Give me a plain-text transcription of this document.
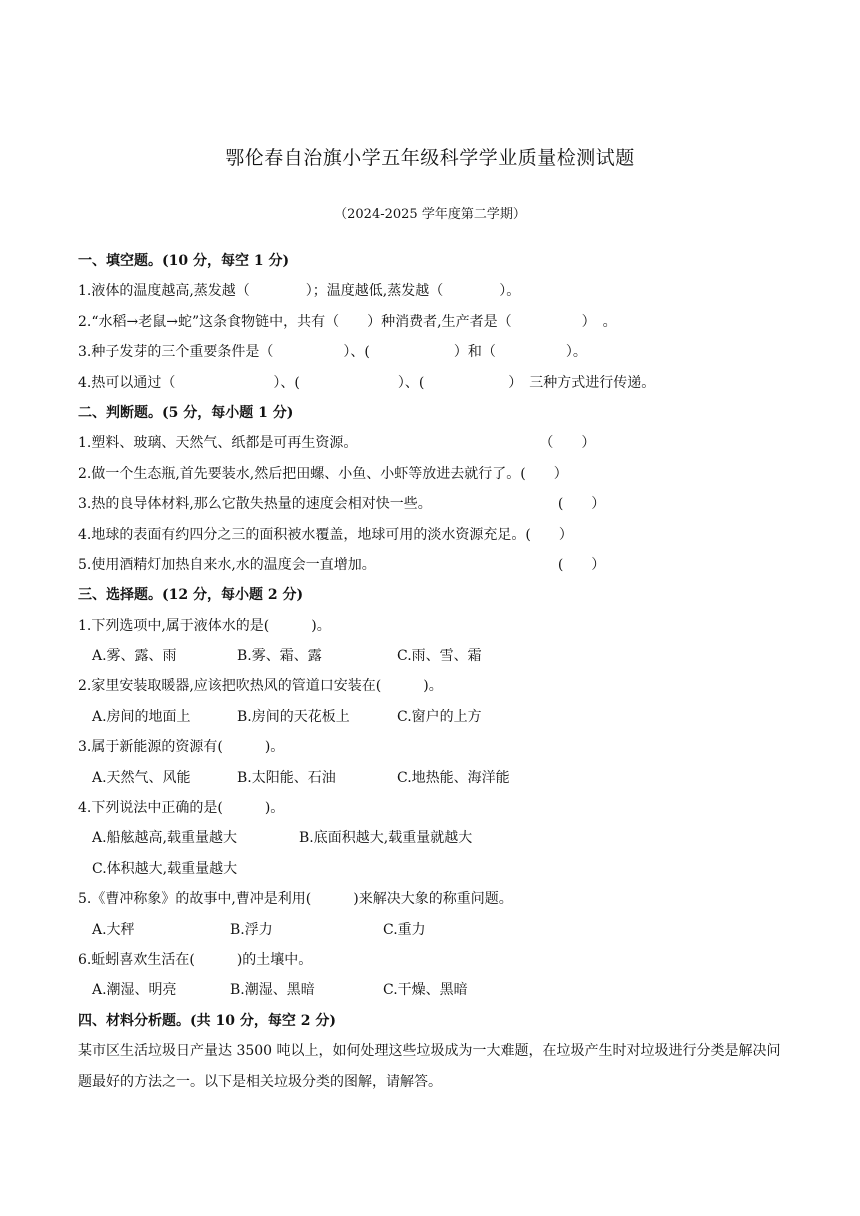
鄂伦春自治旗小学五年级科学学业质量检测试题
（2024-2025 学年度第二学期）
一、填空题。(10 分，每空 1 分)
1.液体的温度越高,蒸发越（　　　　）；温度越低,蒸发越（　　　　）。
2.“水稻→老鼠→蛇”这条食物链中，共有（　　）种消费者,生产者是（　　　　　）　。
3.种子发芽的三个重要条件是（　　　　　）、(　　　　　　）和（　　　　　）。
4.热可以通过（　　　　　　　）、(　　　　　　　）、(　　　　　　）　三种方式进行传递。
二、判断题。(5 分，每小题 1 分)
1.塑料、玻璃、天然气、纸都是可再生资源。	（　　）
2.做一个生态瓶,首先要装水,然后把田螺、小鱼、小虾等放进去就行了。(　　）
3.热的良导体材料,那么它散失热量的速度会相对快一些。	(　　）
4.地球的表面有约四分之三的面积被水覆盖，地球可用的淡水资源充足。(　　）
5.使用酒精灯加热自来水,水的温度会一直增加。	(　　）
三、选择题。(12 分，每小题 2 分)
1.下列选项中,属于液体水的是(　　　)。
A.雾、露、雨	B.雾、霜、露	C.雨、雪、霜
2.家里安装取暖器,应该把吹热风的管道口安装在(　　　)。
A.房间的地面上	B.房间的天花板上	C.窗户的上方
3.属于新能源的资源有(　　　)。
A.天然气、风能	B.太阳能、石油	C.地热能、海洋能
4.下列说法中正确的是(　　　)。
A.船舷越高,载重量越大	B.底面积越大,载重量就越大
C.体积越大,载重量越大
5.《曹冲称象》的故事中,曹冲是利用(　　　)来解决大象的称重问题。
A.大秤	B.浮力	C.重力
6.蚯蚓喜欢生活在(　　　)的土壤中。
A.潮湿、明亮	B.潮湿、黑暗	C.干燥、黑暗
四、材料分析题。(共 10 分，每空 2 分)
某市区生活垃圾日产量达 3500 吨以上，如何处理这些垃圾成为一大难题，在垃圾产生时对垃圾进行分类是解决问题最好的方法之一。以下是相关垃圾分类的图解，请解答。
